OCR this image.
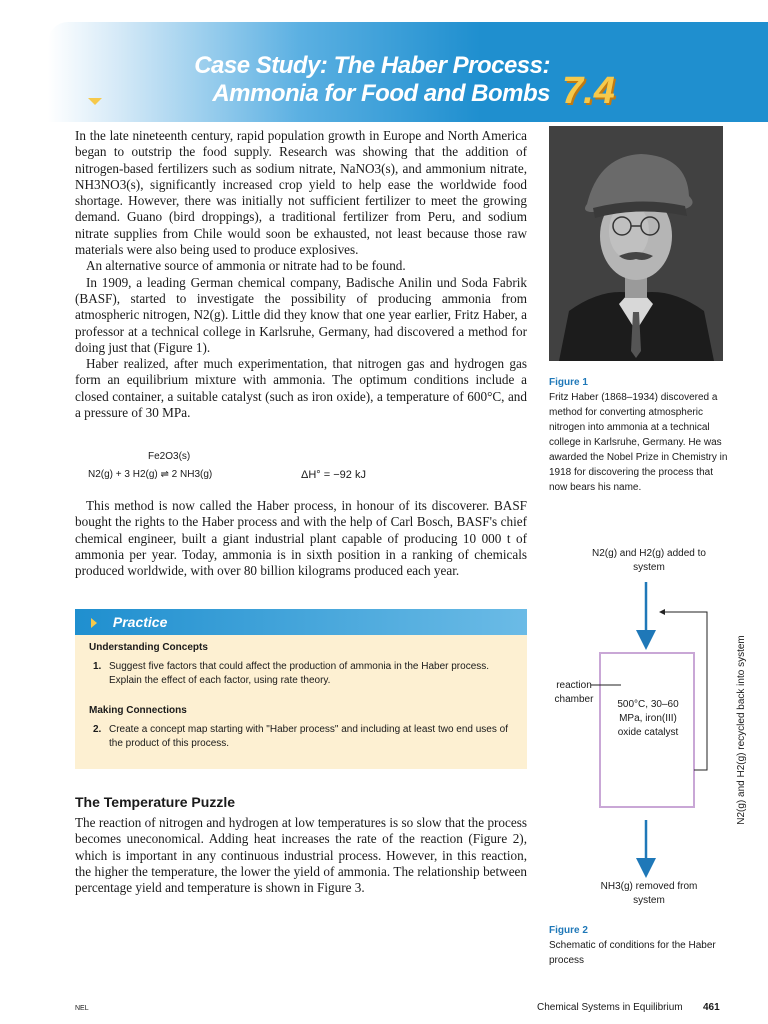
Case Study: The Haber Process:
Ammonia for Food and Bombs 7.4

In the late nineteenth century, rapid population growth in Europe and North America began to outstrip the food supply. Research was showing that the addition of nitrogen-based fertilizers such as sodium nitrate, NaNO3(s), and ammonium nitrate, NH3NO3(s), significantly increased crop yield to help ease the worldwide food shortage. However, there was initially not sufficient fertilizer to meet the growing demand. Guano (bird droppings), a traditional fertilizer from Peru, and sodium nitrate supplies from Chile would soon be exhausted, not least because those raw materials were also being used to produce explosives.

An alternative source of ammonia or nitrate had to be found.

In 1909, a leading German chemical company, Badische Anilin und Soda Fabrik (BASF), started to investigate the possibility of producing ammonia from atmospheric nitrogen, N2(g). Little did they know that one year earlier, Fritz Haber, a professor at a technical college in Karlsruhe, Germany, had discovered a method for doing just that (Figure 1).

Haber realized, after much experimentation, that nitrogen gas and hydrogen gas form an equilibrium mixture with ammonia. The optimum conditions include a closed container, a suitable catalyst (such as iron oxide), a temperature of 600°C, and a pressure of 30 MPa.

Fe2O3(s)
N2(g) + 3 H2(g) ⇌ 2 NH3(g)	ΔH° = −92 kJ

This method is now called the Haber process, in honour of its discoverer. BASF bought the rights to the Haber process and with the help of Carl Bosch, BASF's chief chemical engineer, built a giant industrial plant capable of producing 10 000 t of ammonia per year. Today, ammonia is in sixth position in a ranking of chemicals produced worldwide, with over 80 billion kilograms produced each year.

Practice
Understanding Concepts
1. Suggest five factors that could affect the production of ammonia in the Haber process. Explain the effect of each factor, using rate theory.
Making Connections
2. Create a concept map starting with "Haber process" and including at least two end uses of the product of this process.
The Temperature Puzzle

The reaction of nitrogen and hydrogen at low temperatures is so slow that the process becomes uneconomical. Adding heat increases the rate of the reaction (Figure 2), which is important in any continuous industrial process. However, in this reaction, the higher the temperature, the lower the yield of ammonia. The relationship between percentage yield and temperature is shown in Figure 3.

Figure 1
Fritz Haber (1868–1934) discovered a method for converting atmospheric nitrogen into ammonia at a technical college in Karlsruhe, Germany. He was awarded the Nobel Prize in Chemistry in 1918 for discovering the process that now bears his name.
N2(g) and H2(g) added to system
reaction chamber	500°C, 30–60 MPa, iron(III) oxide catalyst	N2(g) and H2(g) recycled back into system
NH3(g) removed from system
Figure 2
Schematic of conditions for the Haber process
NEL	Chemical Systems in Equilibrium 461
